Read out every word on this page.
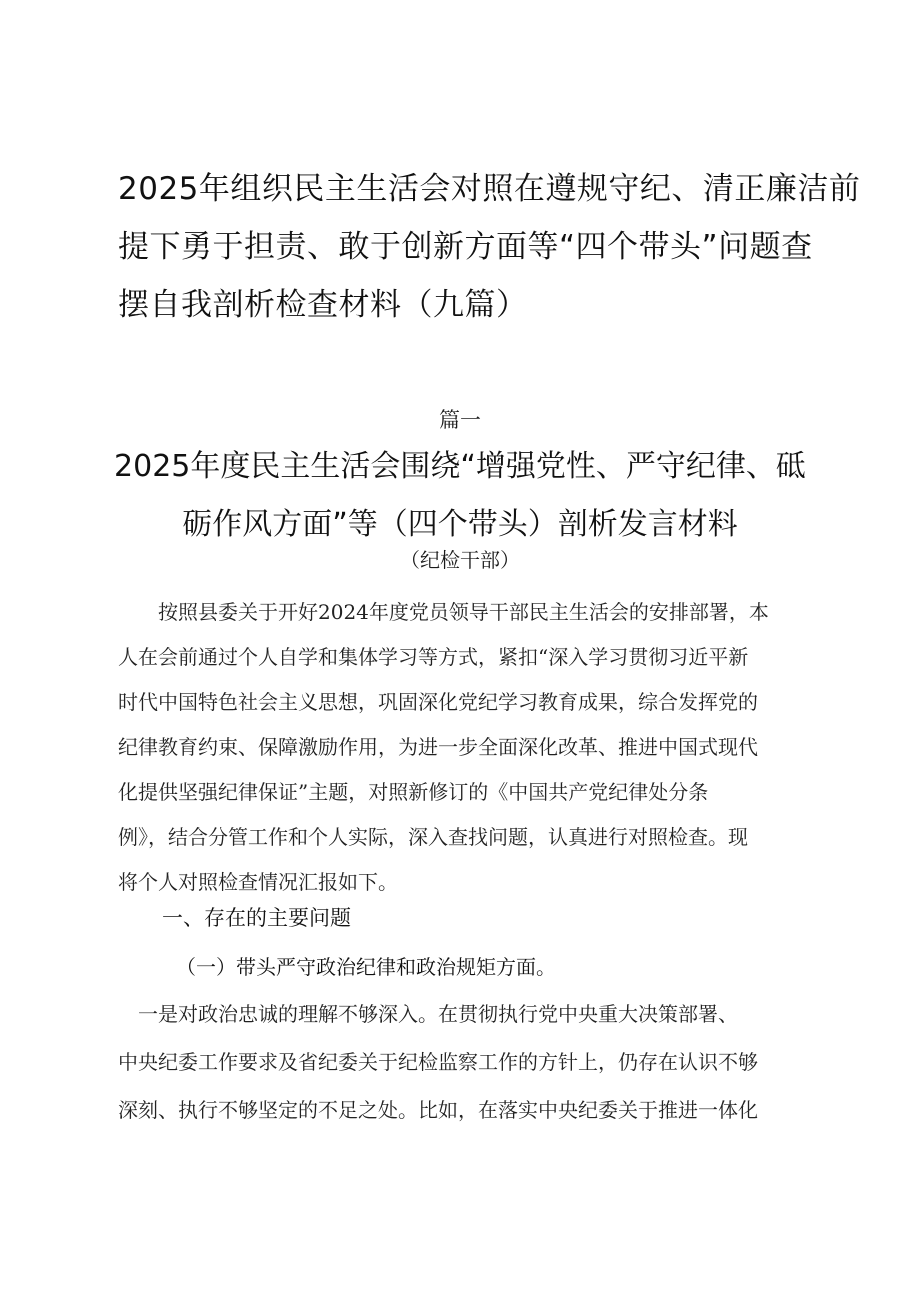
2025年组织民主生活会对照在遵规守纪、清正廉洁前
提下勇于担责、敢于创新方面等“四个带头”问题查
摆自我剖析检查材料（九篇）
篇一
2025年度民主生活会围绕“增强党性、严守纪律、砥
砺作风方面”等（四个带头）剖析发言材料
（纪检干部）
　　按照县委关于开好2024年度党员领导干部民主生活会的安排部署，本
人在会前通过个人自学和集体学习等方式，紧扣“深入学习贯彻习近平新
时代中国特色社会主义思想，巩固深化党纪学习教育成果，综合发挥党的
纪律教育约束、保障激励作用，为进一步全面深化改革、推进中国式现代
化提供坚强纪律保证”主题，对照新修订的《中国共产党纪律处分条
例》，结合分管工作和个人实际，深入查找问题，认真进行对照检查。现
将个人对照检查情况汇报如下。
一、存在的主要问题
（一）带头严守政治纪律和政治规矩方面。
　一是对政治忠诚的理解不够深入。在贯彻执行党中央重大决策部署、
中央纪委工作要求及省纪委关于纪检监察工作的方针上，仍存在认识不够
深刻、执行不够坚定的不足之处。比如，在落实中央纪委关于推进一体化
